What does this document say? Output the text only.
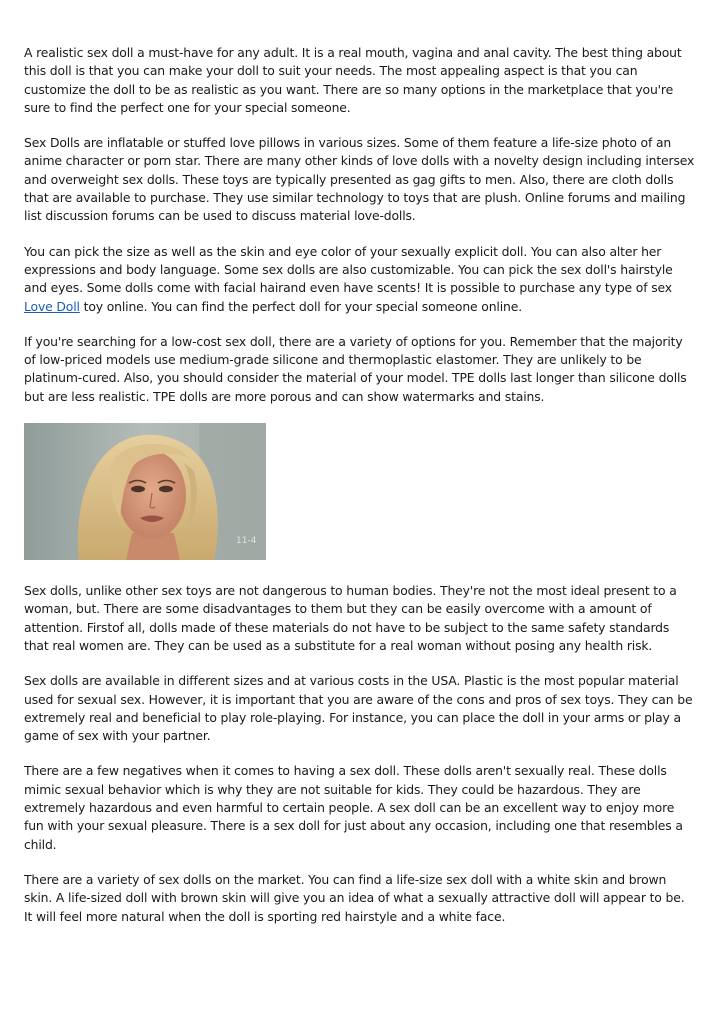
A realistic sex doll a must-have for any adult. It is a real mouth, vagina and anal cavity. The best thing about this doll is that you can make your doll to suit your needs. The most appealing aspect is that you can customize the doll to be as realistic as you want. There are so many options in the marketplace that you're sure to find the perfect one for your special someone.

Sex Dolls are inflatable or stuffed love pillows in various sizes. Some of them feature a life-size photo of an anime character or porn star. There are many other kinds of love dolls with a novelty design including intersex and overweight sex dolls. These toys are typically presented as gag gifts to men. Also, there are cloth dolls that are available to purchase. They use similar technology to toys that are plush. Online forums and mailing list discussion forums can be used to discuss material love-dolls.

You can pick the size as well as the skin and eye color of your sexually explicit doll. You can also alter her expressions and body language. Some sex dolls are also customizable. You can pick the sex doll's hairstyle and eyes. Some dolls come with facial hairand even have scents! It is possible to purchase any type of sex Love Doll toy online. You can find the perfect doll for your special someone online.

If you're searching for a low-cost sex doll, there are a variety of options for you. Remember that the majority of low-priced models use medium-grade silicone and thermoplastic elastomer. They are unlikely to be platinum-cured. Also, you should consider the material of your model. TPE dolls last longer than silicone dolls but are less realistic. TPE dolls are more porous and can show watermarks and stains.

11-4

Sex dolls, unlike other sex toys are not dangerous to human bodies. They're not the most ideal present to a woman, but. There are some disadvantages to them but they can be easily overcome with a amount of attention. Firstof all, dolls made of these materials do not have to be subject to the same safety standards that real women are. They can be used as a substitute for a real woman without posing any health risk.

Sex dolls are available in different sizes and at various costs in the USA. Plastic is the most popular material used for sexual sex. However, it is important that you are aware of the cons and pros of sex toys. They can be extremely real and beneficial to play role-playing. For instance, you can place the doll in your arms or play a game of sex with your partner.

There are a few negatives when it comes to having a sex doll. These dolls aren't sexually real. These dolls mimic sexual behavior which is why they are not suitable for kids. They could be hazardous. They are extremely hazardous and even harmful to certain people. A sex doll can be an excellent way to enjoy more fun with your sexual pleasure. There is a sex doll for just about any occasion, including one that resembles a child.

There are a variety of sex dolls on the market. You can find a life-size sex doll with a white skin and brown skin. A life-sized doll with brown skin will give you an idea of what a sexually attractive doll will appear to be. It will feel more natural when the doll is sporting red hairstyle and a white face.
